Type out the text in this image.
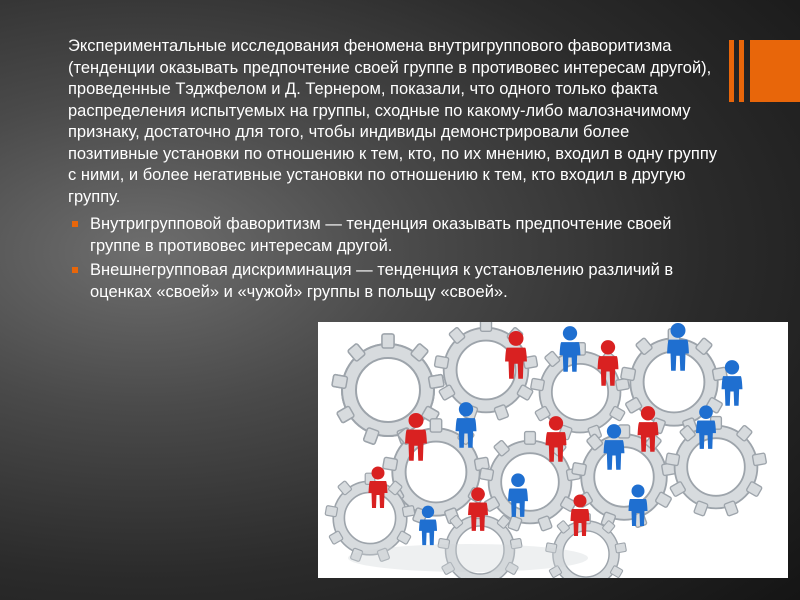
Экспериментальные исследования феномена внутригруппового фаворитизма (тенденции оказывать предпочтение своей группе в противовес интересам другой), проведенные Тэджфелом и Д. Тернером, показали, что одного только факта распределения испытуемых на группы, сходные по какому-либо малозначимому признаку, достаточно для того, чтобы индивиды демонстрировали более позитивные установки по отношению к тем, кто, по их мнению, входил в одну группу с ними, и более негативные установки по отношению к тем, кто входил в другую группу.

Внутригрупповой фаворитизм — тенденция оказывать предпочтение своей группе в противовес интересам другой.
Внешнегрупповая дискриминация — тенденция к установлению различий в оценках «своей» и «чужой» группы в польщу «своей».
